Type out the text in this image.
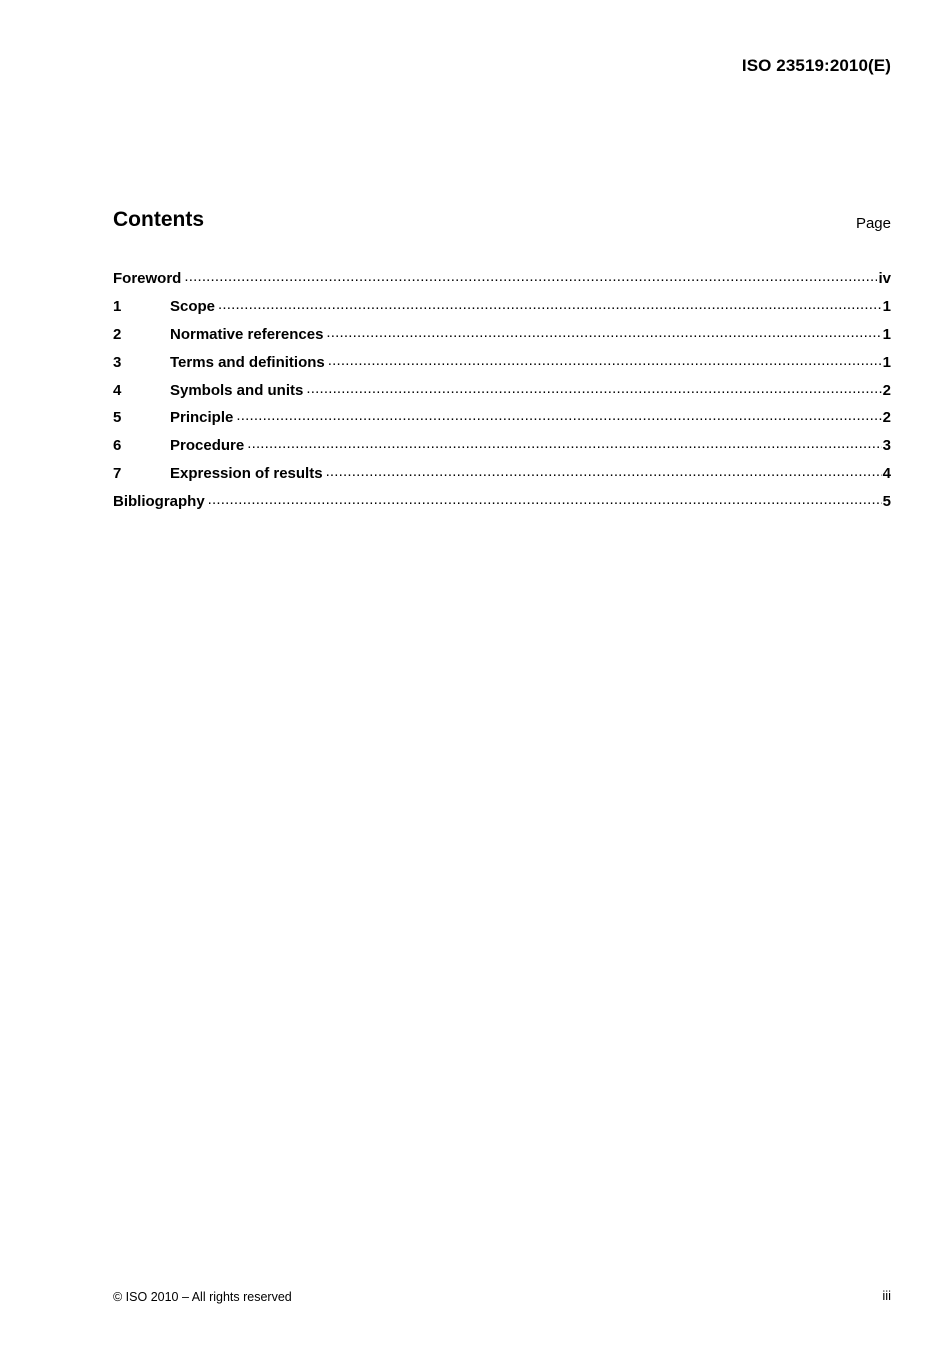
ISO 23519:2010(E)
Contents	Page
Foreword .....	iv
1	Scope .....	1
2	Normative references .....	1
3	Terms and definitions .....	1
4	Symbols and units .....	2
5	Principle .....	2
6	Procedure .....	3
7	Expression of results .....	4
Bibliography .....	5
© ISO 2010 – All rights reserved	iii
